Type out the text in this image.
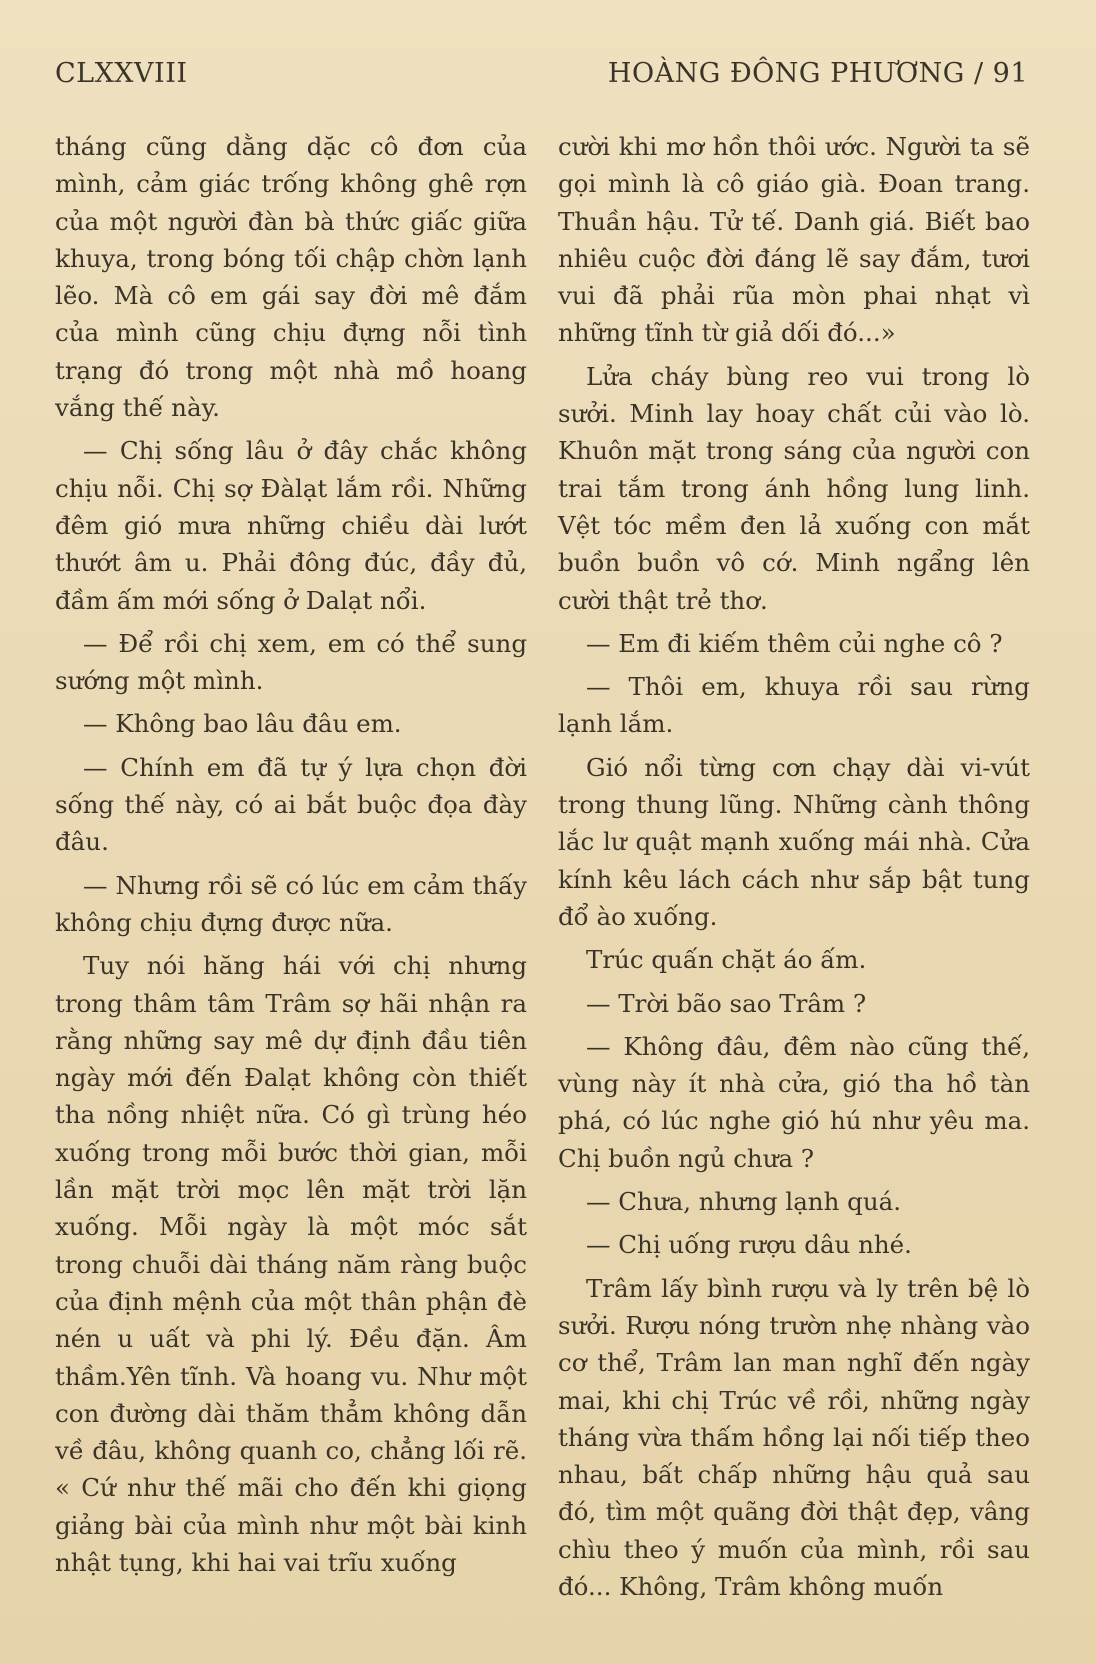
CLXXVIII	HOÀNG ĐÔNG PHƯƠNG / 91

tháng cũng dằng dặc cô đơn của mình, cảm giác trống không ghê rợn của một người đàn bà thức giấc giữa khuya, trong bóng tối chập chờn lạnh lẽo. Mà cô em gái say đời mê đắm của mình cũng chịu đựng nỗi tình trạng đó trong một nhà mồ hoang vắng thế này.

— Chị sống lâu ở đây chắc không chịu nỗi. Chị sợ Đàlạt lắm rồi. Những đêm gió mưa những chiều dài lướt thướt âm u. Phải đông đúc, đầy đủ, đầm ấm mới sống ở Dalạt nổi.

— Để rồi chị xem, em có thể sung sướng một mình.

— Không bao lâu đâu em.

— Chính em đã tự ý lựa chọn đời sống thế này, có ai bắt buộc đọa đày đâu.

— Nhưng rồi sẽ có lúc em cảm thấy không chịu đựng được nữa.

Tuy nói hăng hái với chị nhưng trong thâm tâm Trâm sợ hãi nhận ra rằng những say mê dự định đầu tiên ngày mới đến Đalạt không còn thiết tha nồng nhiệt nữa. Có gì trùng héo xuống trong mỗi bước thời gian, mỗi lần mặt trời mọc lên mặt trời lặn xuống. Mỗi ngày là một móc sắt trong chuỗi dài tháng năm ràng buộc của định mệnh của một thân phận đè nén u uất và phi lý. Đều đặn. Âm thầm.Yên tĩnh. Và hoang vu. Như một con đường dài thăm thẳm không dẫn về đâu, không quanh co, chẳng lối rẽ. « Cứ như thế mãi cho đến khi giọng giảng bài của mình như một bài kinh nhật tụng, khi hai vai trĩu xuống

cười khi mơ hồn thôi ước. Người ta sẽ gọi mình là cô giáo già. Đoan trang. Thuần hậu. Tử tế. Danh giá. Biết bao nhiêu cuộc đời đáng lẽ say đắm, tươi vui đã phải rũa mòn phai nhạt vì những tĩnh từ giả dối đó...»

Lửa cháy bùng reo vui trong lò sưởi. Minh lay hoay chất củi vào lò. Khuôn mặt trong sáng của người con trai tắm trong ánh hồng lung linh. Vệt tóc mềm đen lả xuống con mắt buồn buồn vô cớ. Minh ngẩng lên cười thật trẻ thơ.

— Em đi kiếm thêm củi nghe cô ?

— Thôi em, khuya rồi sau rừng lạnh lắm.

Gió nổi từng cơn chạy dài vi-vút trong thung lũng. Những cành thông lắc lư quật mạnh xuống mái nhà. Cửa kính kêu lách cách như sắp bật tung đổ ào xuống.

Trúc quấn chặt áo ấm.

— Trời bão sao Trâm ?

— Không đâu, đêm nào cũng thế, vùng này ít nhà cửa, gió tha hồ tàn phá, có lúc nghe gió hú như yêu ma. Chị buồn ngủ chưa ?

— Chưa, nhưng lạnh quá.

— Chị uống rượu dâu nhé.

Trâm lấy bình rượu và ly trên bệ lò sưởi. Rượu nóng trườn nhẹ nhàng vào cơ thể, Trâm lan man nghĩ đến ngày mai, khi chị Trúc về rồi, những ngày tháng vừa thấm hồng lại nối tiếp theo nhau, bất chấp những hậu quả sau đó, tìm một quãng đời thật đẹp, vâng chìu theo ý muốn của mình, rồi sau đó... Không, Trâm không muốn
